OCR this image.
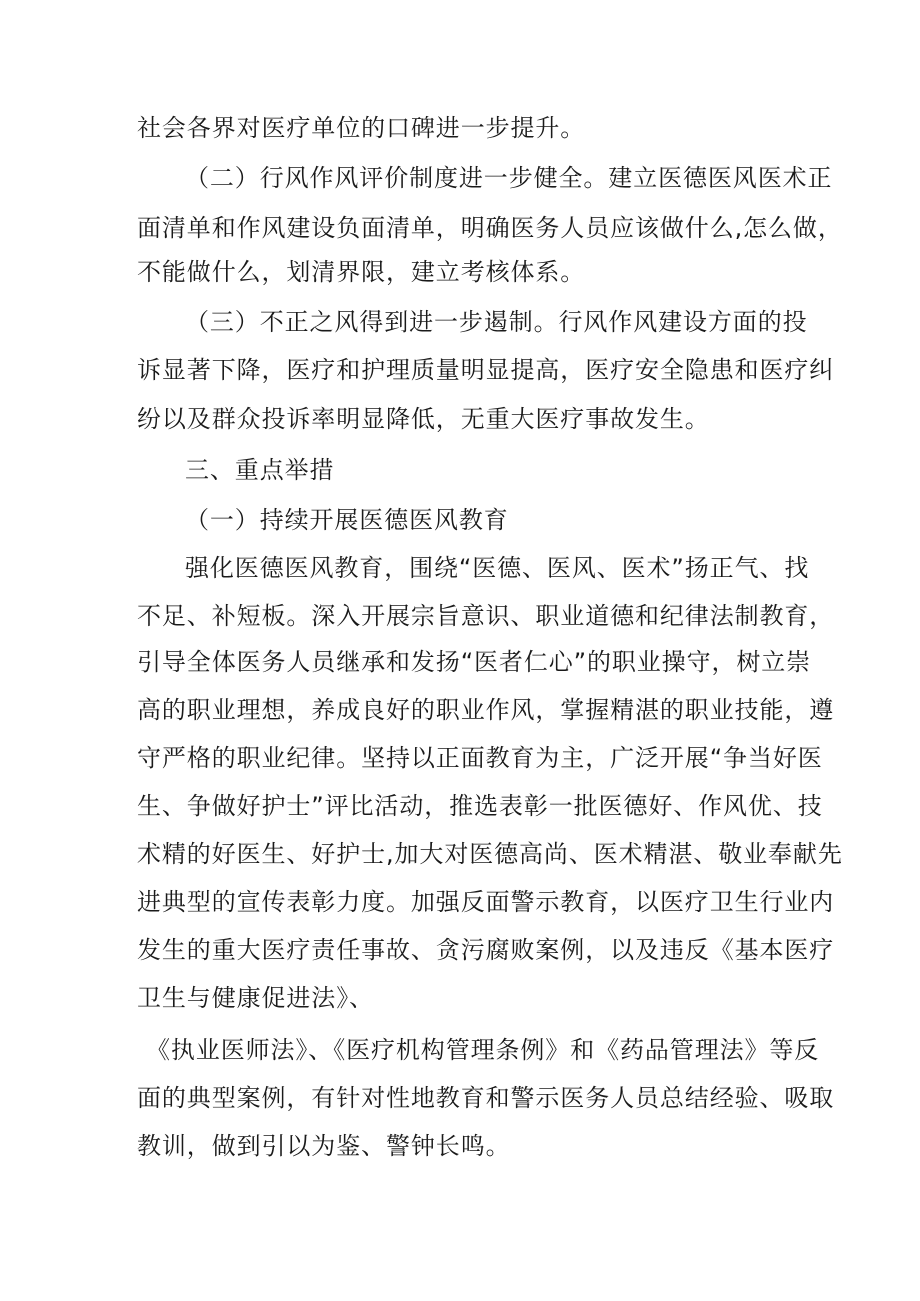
社会各界对医疗单位的口碑进一步提升。
（二）行风作风评价制度进一步健全。建立医德医风医术正
面清单和作风建设负面清单，明确医务人员应该做什么,怎么做，
不能做什么，划清界限，建立考核体系。
（三）不正之风得到进一步遏制。行风作风建设方面的投
诉显著下降，医疗和护理质量明显提高，医疗安全隐患和医疗纠
纷以及群众投诉率明显降低，无重大医疗事故发生。
三、重点举措
（一）持续开展医德医风教育
强化医德医风教育，围绕“医德、医风、医术”扬正气、找
不足、补短板。深入开展宗旨意识、职业道德和纪律法制教育，
引导全体医务人员继承和发扬“医者仁心”的职业操守，树立崇
高的职业理想，养成良好的职业作风，掌握精湛的职业技能，遵
守严格的职业纪律。坚持以正面教育为主，广泛开展“争当好医
生、争做好护士”评比活动，推选表彰一批医德好、作风优、技
术精的好医生、好护士,加大对医德高尚、医术精湛、敬业奉献先
进典型的宣传表彰力度。加强反面警示教育，以医疗卫生行业内
发生的重大医疗责任事故、贪污腐败案例，以及违反《基本医疗
卫生与健康促进法》、
《执业医师法》、《医疗机构管理条例》和《药品管理法》等反
面的典型案例，有针对性地教育和警示医务人员总结经验、吸取
教训，做到引以为鉴、警钟长鸣。
